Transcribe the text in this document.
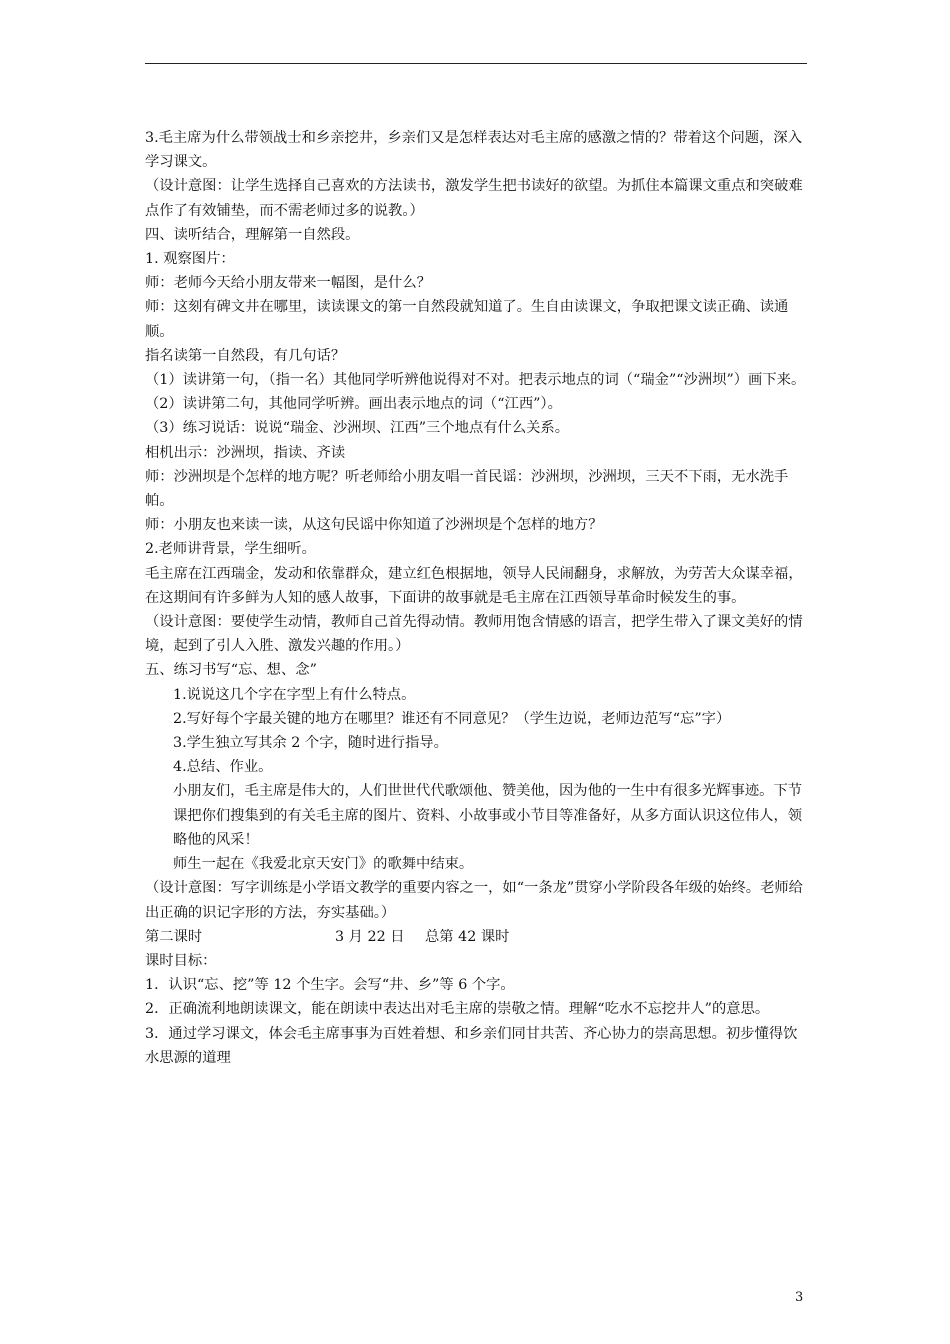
3.毛主席为什么带领战士和乡亲挖井，乡亲们又是怎样表达对毛主席的感激之情的？带着这个问题，深入学习课文。

（设计意图：让学生选择自己喜欢的方法读书，激发学生把书读好的欲望。为抓住本篇课文重点和突破难点作了有效铺垫，而不需老师过多的说教。）

四、读听结合，理解第一自然段。

1. 观察图片：

师：老师今天给小朋友带来一幅图，是什么？

师：这刻有碑文井在哪里，读读课文的第一自然段就知道了。生自由读课文，争取把课文读正确、读通顺。

指名读第一自然段，有几句话？

（1）读讲第一句，（指一名）其他同学听辨他说得对不对。把表示地点的词（“瑞金”“沙洲坝”）画下来。

（2）读讲第二句，其他同学听辨。画出表示地点的词（“江西”）。

（3）练习说话：说说“瑞金、沙洲坝、江西”三个地点有什么关系。

相机出示：沙洲坝，指读、齐读

师：沙洲坝是个怎样的地方呢？听老师给小朋友唱一首民谣：沙洲坝，沙洲坝，三天不下雨，无水洗手帕。

师：小朋友也来读一读，从这句民谣中你知道了沙洲坝是个怎样的地方？

2.老师讲背景，学生细听。

毛主席在江西瑞金，发动和依靠群众，建立红色根据地，领导人民闹翻身，求解放，为劳苦大众谋幸福，在这期间有许多鲜为人知的感人故事，下面讲的故事就是毛主席在江西领导革命时候发生的事。

（设计意图：要使学生动情，教师自己首先得动情。教师用饱含情感的语言，把学生带入了课文美好的情境，起到了引人入胜、激发兴趣的作用。）

五、练习书写“忘、想、念”

1.说说这几个字在字型上有什么特点。

2.写好每个字最关键的地方在哪里？谁还有不同意见？（学生边说，老师边范写“忘”字）

3.学生独立写其余 2 个字，随时进行指导。

4.总结、作业。

小朋友们，毛主席是伟大的，人们世世代代歌颂他、赞美他，因为他的一生中有很多光辉事迹。下节课把你们搜集到的有关毛主席的图片、资料、小故事或小节目等准备好，从多方面认识这位伟人，领略他的风采！

师生一起在《我爱北京天安门》的歌舞中结束。

（设计意图：写字训练是小学语文教学的重要内容之一，如“一条龙”贯穿小学阶段各年级的始终。老师给出正确的识记字形的方法，夯实基础。）

第二课时	3 月 22 日	总第 42 课时

课时目标：

1．认识“忘、挖”等 12 个生字。会写“井、乡”等 6 个字。

2．正确流利地朗读课文，能在朗读中表达出对毛主席的崇敬之情。理解“吃水不忘挖井人”的意思。

3．通过学习课文，体会毛主席事事为百姓着想、和乡亲们同甘共苦、齐心协力的崇高思想。初步懂得饮水思源的道理

3
